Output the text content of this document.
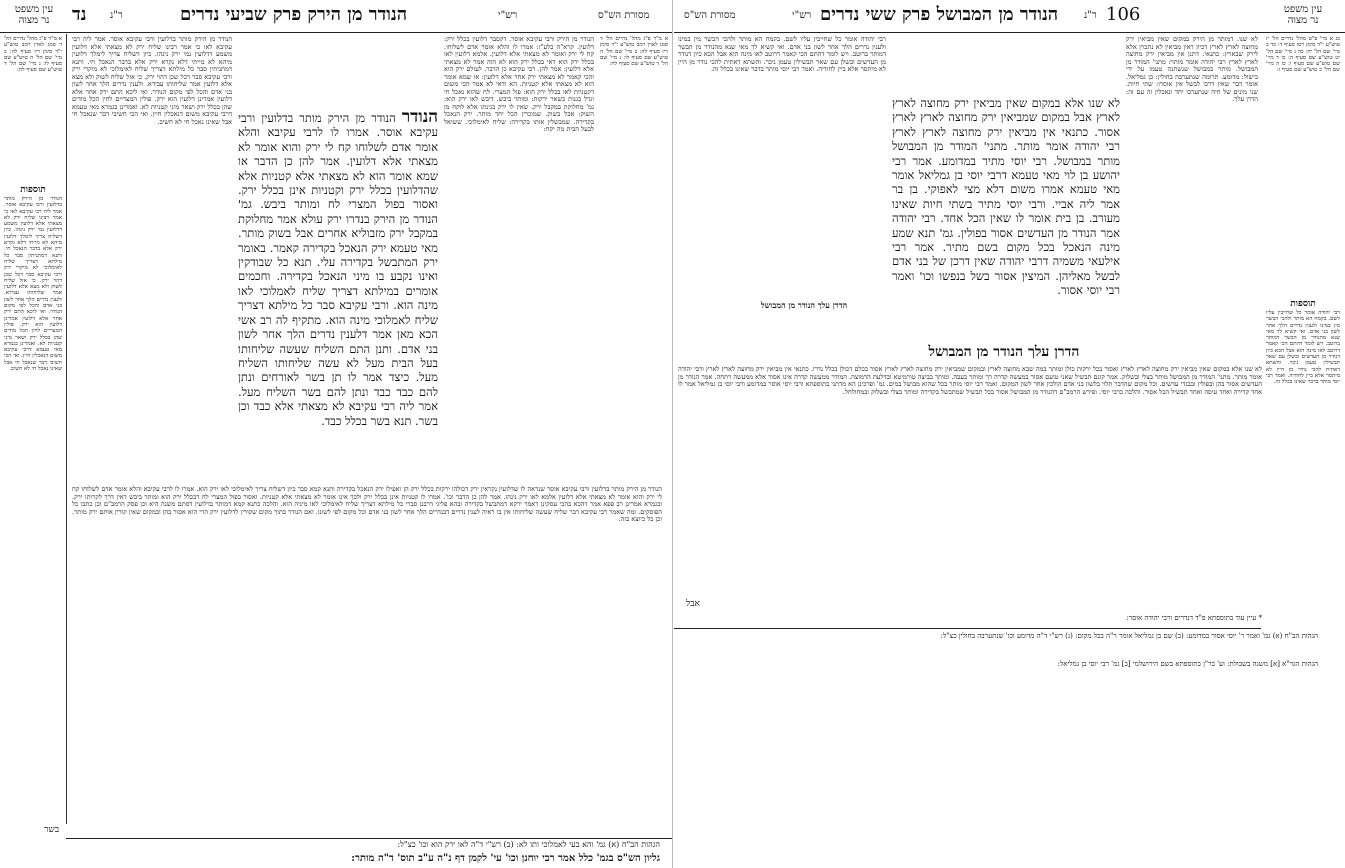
עין משפט
נר מצוה	נד ר"נ	הנודר מן הירק פרק שביעי נדרים	רש"י	מסורת הש"ס

א מ"ר פ"ג מהל' נדרים הל' ד סמג לאוין רמב טוש"ע י"ד סימן ריז סעיף לה: ב מיי' שם הל' ה טוש"ע שם סעיף לו: ג מיי' שם הל' ד טוש"ע שם סעיף לח:

תוספות

הנודר מן הירק מותר בדלועין ורבי עקיבא אוסר. אמר ליה רבי עקיבא לאו כי אמר רבינו שליח ירק לא מצאתי אלא דלועין משמע דדלועין נמי ירק נינהו. כיון דשליח צריך לימלך דלועין מיהא לא מייתי דלא נקרא ירק אלא בדבר הנאכל חי. ותנא דמתניתין סבר כל מילתא דצריך שליח לאימלוכי לא מיקרי ירק ורבי עקיבא סבר דכל שכן דהוי ירק. כי אזל שליח לשוק ולא מצא אלא דלועין אמר שליחותו עבידא. ולענין נדרים הלך אחר לשון בני אדם והכל לפי מקום הנודר. ואי ליכא התם ירק אחר אלא דלועין אמרינן דלועין הוא ירק. פולין המצריים לחין הכל מודים שהן בכלל ירק ושאר מיני קטניות לא. ואמרינן בגמרא מאי טעמא דרבי עקיבא משום דנאכלין חיין. ואי הכי חשיבי דבר שנאכל חי אבל שאינו נאכל חי לא חשיב.

הנודר מן הירק מותר בדלועין ורבי עקיבא אוסר. אמר ליה רבי עקיבא לאו כי אמר רבינו שליח ירק לא מצאתי אלא דלועין משמע דדלועין נמי ירק נינהו. כיון דשליח צריך לימלך דלועין מיהא לא מייתי דלא נקרא ירק אלא בדבר הנאכל חי. ותנא דמתניתין סבר כל מילתא דצריך שליח לאימלוכי לא מיקרי ירק ורבי עקיבא סבר דכל שכן דהוי ירק. כי אזל שליח לשוק ולא מצא אלא דלועין אמר שליחותו עבידא. ולענין נדרים הלך אחר לשון בני אדם והכל לפי מקום הנודר. ואי ליכא התם ירק אחר אלא דלועין אמרינן דלועין הוא ירק. פולין המצריים לחין הכל מודים שהן בכלל ירק ושאר מיני קטניות לא. ואמרינן בגמרא מאי טעמא דרבי עקיבא משום דנאכלין חיין. ואי הכי חשיבי דבר שנאכל חי אבל שאינו נאכל חי לא חשיב.	הנודר הנודר מן הירק מותר בדלועין ורבי עקיבא אוסר. אמרו לו לרבי עקיבא והלא אומר אדם לשלוחו קח לי ירק והוא אומר לא מצאתי אלא דלועין. אמר להן כן הדבר או שמא אומר הוא לא מצאתי אלא קטניות אלא שהדלועין בכלל ירק וקטניות אינן בכלל ירק. ואסור בפול המצרי לח ומותר ביבש. גמ' הנודר מן הירק בנדרו ירק עולא אמר מחלוקת במקבל ירק מזבוליא אחרים אבל בשוק מותר. מאי טעמא ירק הנאכל בקדירה קאמר. באומר ירק המתבשל בקדירה עלי. תנא כל שבודקין ואינו נקבע בו מיני הנאכל בקדירה. וחכמים אומרים במילתא דצריך שליח לאמלוכי לאו מינה הוא. ורבי עקיבא סבר כל מילתא דצריך שליח לאמלוכי מינה הוא. מתקיף לה רב אשי הכא מאן אמר דלענין נדרים הלך אחר לשון בני אדם. ותנן התם השליח שעשה שליחותו בעל הבית מעל לא עשה שליחותו השליח מעל. כיצד אמר לו תן בשר לאורחים ונתן להם כבד כבד ונתן להם בשר השליח מעל. אמר ליה רבי עקיבא לא מצאתי אלא כבד וכן בשר. תנא בשר בכלל כבד.

הנודר מן הירק ורבי עקיבא אוסר. דקסבר דלועין בכלל ירק: דלועין. קרא"ה בלע"ז: אמרו לו והלא אומר אדם לשלוחו. קח לי ירק ואומר לא מצאתי אלא דלועין. אלמא דלועין לאו בכלל ירק הוא דאי בכלל ירק הוא לא הוה אמר לא מצאתי אלא דלועין: אמר להן. רבי עקיבא כן הדבר. לעולם ירק הוא והכי קאמר לא מצאתי ירק אחר אלא דלועין: או שמא אומר הוא לא מצאתי אלא קטניות. הא ודאי לא אמר הכי משום דקטניות לאו בכלל ירק הוא: פול המצרי. לח שהוא נאכל חי וגדל בגנות כשאר ירקות: ומותר ביבש. דיבש לאו ירק הוא: גמ' מחלוקת במקבל ירק. שאין לו ירק בגינתו אלא לוקח מן השוק: אבל בשוק. שמוכרין הכל יחד מותר. ירק הנאכל בקדירה. שמבשלין אותו בקדירה: שליח לאימלוכי. ששואל לבעל הבית מה יקח:

א מ"ר פ"ג מהל' נדרים הל' ד סמג לאוין רמב טוש"ע י"ד סימן ריז סעיף לה: ב מיי' שם הל' ה טוש"ע שם סעיף לו: ג מיי' שם הל' ד טוש"ע שם סעיף לח:

הנודר מן הירק מותר בדלועין ורבי עקיבא אוסר שנראה לו שדלועין נקראין ירק דכולהו ירקות בכלל ירק הן ואפילו ירק הנאכל בקדירה ותנא קמא סבר כיון דשליח צריך לאימלוכי לאו ירק הוא. אמרו לו לרבי עקיבא והלא אומר אדם לשלוחו קח לי ירק והוא אומר לא מצאתי אלא דלועין אלמא לאו ירק נינהו. אמר להן כן הדבר וכו'. אמרו לו קטניות אינן בכלל ירק ולכך אינו אומר לא מצאתי אלא קטניות. ואסור בפול המצרי לח דבכלל ירק הוא ומותר ביבש דאין דרך לקרותו ירק. ובגמרא אמרינן רב פפא אמר דהכא בהכי עסקינן דאמר ירקא דמתבשל בקדירה ובהא פליגי דרבנן סברי כל מילתא דצריך שליח לאימלוכי לאו מיניה הוא. והלכה כתנא קמא דמותר בדלועין דסתם משנה היא וכן פסק הרמב"ם וכן כתבו כל הפוסקים. ומה שאמר רבי עקיבא דבר שליח שעשה שליחותו אין בו ראיה לענין נדרים דבנדרים הלך אחר לשון בני אדם וכל מקום לפי לשונו. ואם הנודר בתוך מקום שקורין לדלועין ירק הרי הוא אסור בהן ובמקום שאין קורין אותם ירק מותר. וכן כל כיוצא בזה.

בשר
הגהות הב"ח (א) גמ' והא בעי לאמלוכי ותו לא: (ב) רש"י ד"ה לאו ירק הוא וכו' כצ"ל:
גליון הש"ס בגמ' כלל אמר רבי יוחנן וכו' עי' לקמן דף נ"ה ע"ב תוס' ד"ה מותר:
מסורת הש"ס	רש"י הנודר מן המבושל פרק ששי נדרים	ר"נ 106	עין משפט
נר מצוה

רבי יהודה אומר כל שחייבין עליו לשם. בקמח הא מותר ולהכי הכשר מין במינו ולענין נדרים הלך אחר לשון בני אדם. ואי קשיא לך מאי שנא מהנודר מן הבשר דמותר ברוטב. ויש לומר דהתם הכי קאמר דרוטב לאו מינה הוא אבל הכא כיון דנודר מן העדשים ובשלן עם שאר תבשילין טעמן ניכר. והשתא דאתית להכי נודר מן היין לא מיתסר אלא ביין לחודיה. ואמר רבי יוסי מותר בדבר שאינו בכלל זה.

לא שנו אלא במקום שאין מביאין ירק מחוצה לארץ לארץ אבל במקום שמביאין ירק מחוצה לארץ לארץ אסור. כתנאי אין מביאין ירק מחוצה לארץ לארץ רבי יהודה אומר מותר. מתני' המודר מן המבושל מותר במבושל. רבי יוסי מתיר במדומע. אמר רבי יהושע בן לוי מאי טעמא דרבי יוסי בן גמליאל אומר מאי טעמא אמרו משום דלא מצי לאפוקי. בן בר אמר ליה אביי. ורבי יוסי מתיר בשתי חיות שאינו מעורב. בן בית אומר לו שאין הכל אחד. רבי יהודה אמר הנודר מן העדשים אסור בפולין. גמ' תנא שמע מינה הנאכל בכל מקום בשם מתיר. אמר רבי אילעאי משמיה דרבי יהודה שאין דרכן של בני אדם לבשל מאליהן. המיצין אסור בשל בנפשו וכו' ואמר רבי יוסי אסור.

לא שנו. דמותר מן הירק במקום שאין מביאין ירק מחוצה לארץ לארץ דכיון דאין מביאין לא נתכוין אלא לירק שבארץ: כתנאי. דתנן אין מביאין ירק מחוצה לארץ לארץ רבי יהודה אומר מותר: מתני' המודר מן המבושל. מותר במבושל שנשתנה טעמו על ידי בישול: מדומע. תרומה שנתערבה בחולין: בן גמליאל. אומר דבר שאין דרכו לבשל אין אוסרו: שתי חיות. שני מינים של חיה שנתערבו יחד ונאכלין זה עם זה: הדרן עלך.

כג א מיי' פ"ט מהל' נדרים הל' יז טוש"ע י"ד סימן רטז סעיף ד: כד ב מיי' שם הל' יח: כה ג מיי' שם הל' יט טוש"ע שם סעיף ה: כו ד מיי' שם טוש"ע שם סעיף ו: כז ה מיי' שם הל' כ טוש"ע שם סעיף ז:

תוספות

רבי יהודה אומר כל שחייבין עליו לשם. בקמח הא מותר ולהכי הכשר מין במינו ולענין נדרים הלך אחר לשון בני אדם. ואי קשיא לך מאי שנא מהנודר מן הבשר דמותר ברוטב. ויש לומר דהתם הכי קאמר דרוטב לאו מינה הוא אבל הכא כיון דנודר מן העדשים ובשלן עם שאר תבשילין טעמן ניכר. והשתא דאתית להכי נודר מן היין לא מיתסר אלא ביין לחודיה. ואמר רבי יוסי מותר בדבר שאינו בכלל זה.

הדרן עלך הנודר מן המבושל
הדרן עלך הנודר מן המבושל

לא שנו אלא במקום שאין מביאין ירק מחוצה לארץ לארץ ואסור בכל ירקות כולן ומותר במה שבא מחוצה לארץ ובמקום שמביאין ירק מחוצה לארץ לארץ אסור בכלם דכולן בכלל נדרו. כתנאי אין מביאין ירק מחוצה לארץ לארץ ורבי יהודה אומר מותר. מתני' המודר מן המבושל מותר בצלי ובשלוק. אמר קונם תבשיל שאני טועם אסור במעשה קדרה רך ומותר בעבה. ומותר בביצה טורמיטא ובדלעת הרמוצה. המודר ממעשה קדרה אינו אסור אלא ממעשה רתחה. אמר הנודר מן העדשים אסור בהן ובפולין ובבגדי עדשים. וכל מקום שהדבר תלוי בלשון בני אדם הולכין אחר לשון המקום. ואמר רבי יוסי מותר בכל שהוא מבושל במים. גמ' ופרכינן הא מדתני בתוספתא ורבי יוסי אוסר במדומע ורבי יוסי בן גמליאל אמר לו אחד קדירה ואחד עיסה ואחד תבשיל הכל אסור. והלכה כרבי יוסי. ופירש הרמב"ם דהנודר מן המבושל אסור בכל תבשיל שמתבשל בקדירה ומותר בצלי ובשלוק ובמחולחל.

אבל
* עיין עוד בתוספתא פ"ד דנדרים ורבי יהודה אוסר:
הגהות הב"ח (א) גמ' ואמר ר' יוסי אסור במדומע: (ב) שם בן גמליאל אומר ר"ה בכל מקום: (ג) רש"י ד"ה מדומע וכו' שנתערבה בחולין כצ"ל:
הגהות הגר"א [א] משנה בשבולת: וע' בר"ן בתוספתא בשם הירושלמי [ב] גמ' רבי יוסי בן גמליאל:
